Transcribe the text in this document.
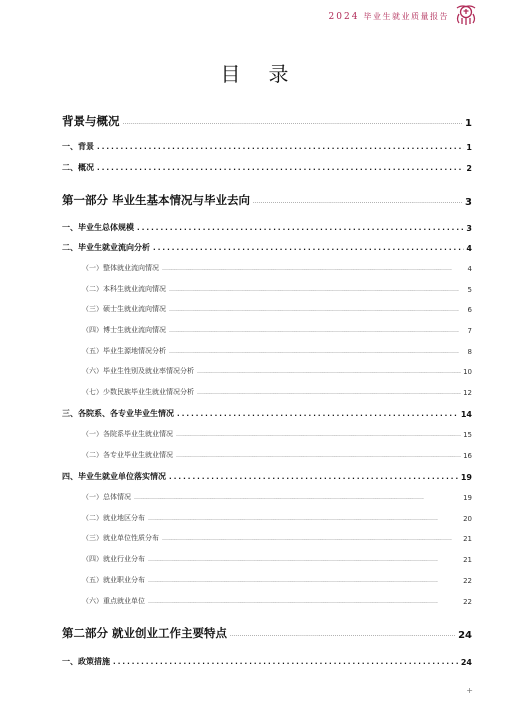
2024 毕业生就业质量报告
目录
背景与概况 . . .	1
一、背景 . . .	1
二、概况 . . .	2
第一部分 毕业生基本情况与毕业去向 . . .	3
一、毕业生总体规模 . . .	3
二、毕业生就业流向分析 . . .	4
（一）整体就业流向情况 . . .	4
（二）本科生就业流向情况 . . .	5
（三）硕士生就业流向情况 . . .	6
（四）博士生就业流向情况 . . .	7
（五）毕业生源地情况分析 . . .	8
（六）毕业生性别及就业率情况分析 . . .	10
（七）少数民族毕业生就业情况分析 . . .	12
三、各院系、各专业毕业生情况 . . .	14
（一）各院系毕业生就业情况 . . .	15
（二）各专业毕业生就业情况 . . .	16
四、毕业生就业单位落实情况 . . .	19
（一）总体情况 . . .	19
（二）就业地区分布 . . .	20
（三）就业单位性质分布 . . .	21
（四）就业行业分布 . . .	21
（五）就业职业分布 . . .	22
（六）重点就业单位 . . .	22
第二部分 就业创业工作主要特点 . . .	24
一、政策措施 . . .	24
+
